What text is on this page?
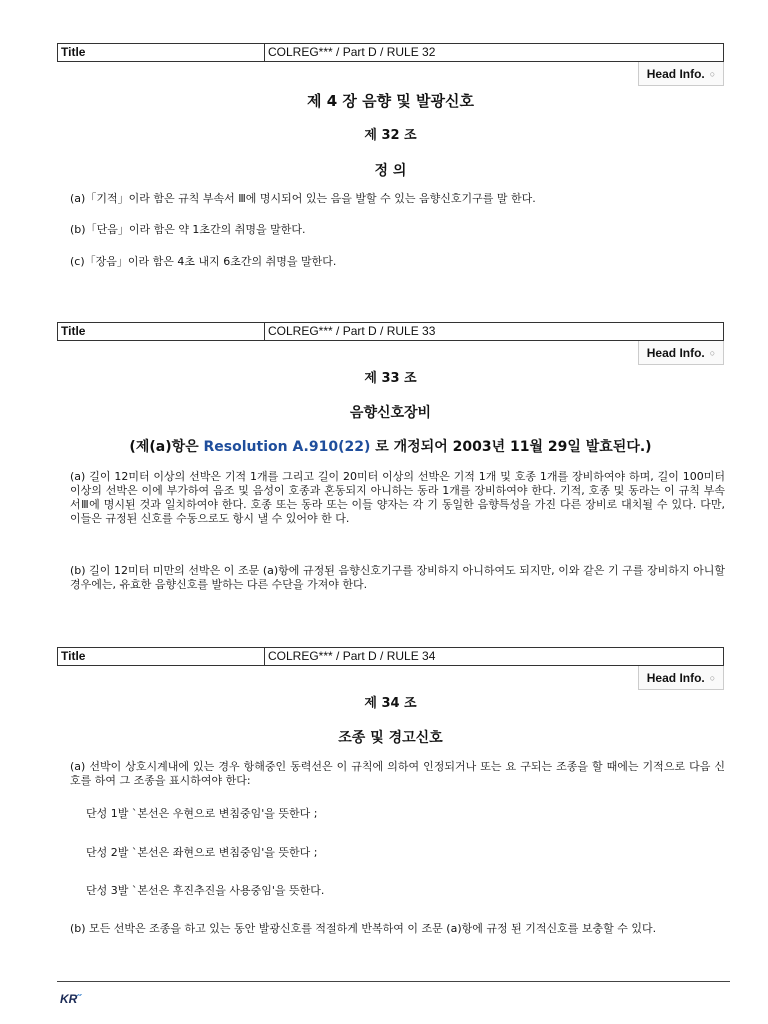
Title	COLREG*** / Part D / RULE 32
Head Info. ○
제 4 장 음향 및 발광신호
제 32 조
정 의
(a)「기적」이라 함은 규칙 부속서 Ⅲ에 명시되어 있는 음을 발할 수 있는 음향신호기구를 말 한다.
(b)「단음」이라 함은 약 1초간의 취명을 말한다.
(c)「장음」이라 함은 4초 내지 6초간의 취명을 말한다.
Title	COLREG*** / Part D / RULE 33
Head Info. ○
제 33 조
음향신호장비
(제(a)항은 Resolution A.910(22) 로 개정되어 2003년 11월 29일 발효된다.)
(a) 길이 12미터 이상의 선박은 기적 1개를 그리고 길이 20미터 이상의 선박은 기적 1개 및 호종 1개를 장비하여야 하며, 길이 100미터 이상의 선박은 이에 부가하여 음조 및 음성이 호종과 혼동되지 아니하는 동라 1개를 장비하여야 한다. 기적, 호종 및 동라는 이 규칙 부속서Ⅲ에 명시된 것과 일치하여야 한다. 호종 또는 동라 또는 이들 양자는 각 기 동일한 음향특성을 가진 다른 장비로 대치될 수 있다. 다만, 이들은 규정된 신호를 수동으로도 항시 낼 수 있어야 한 다.
(b) 길이 12미터 미만의 선박은 이 조문 (a)항에 규정된 음향신호기구를 장비하지 아니하여도 되지만, 이와 같은 기 구를 장비하지 아니할 경우에는, 유효한 음향신호를 발하는 다른 수단을 가져야 한다.
Title	COLREG*** / Part D / RULE 34
Head Info. ○
제 34 조
조종 및 경고신호
(a) 선박이 상호시계내에 있는 경우 항해중인 동력선은 이 규칙에 의하여 인정되거나 또는 요 구되는 조종을 할 때에는 기적으로 다음 신호를 하여 그 조종을 표시하여야 한다:
단성 1발 `본선은 우현으로 변침중임'을 뜻한다 ;
단성 2발 `본선은 좌현으로 변침중임'을 뜻한다 ;
단성 3발 `본선은 후진추진을 사용중임'을 뜻한다.
(b) 모든 선박은 조종을 하고 있는 동안 발광신호를 적절하게 반복하여 이 조문 (a)항에 규정 된 기적신호를 보충할 수 있다.
KR˝
